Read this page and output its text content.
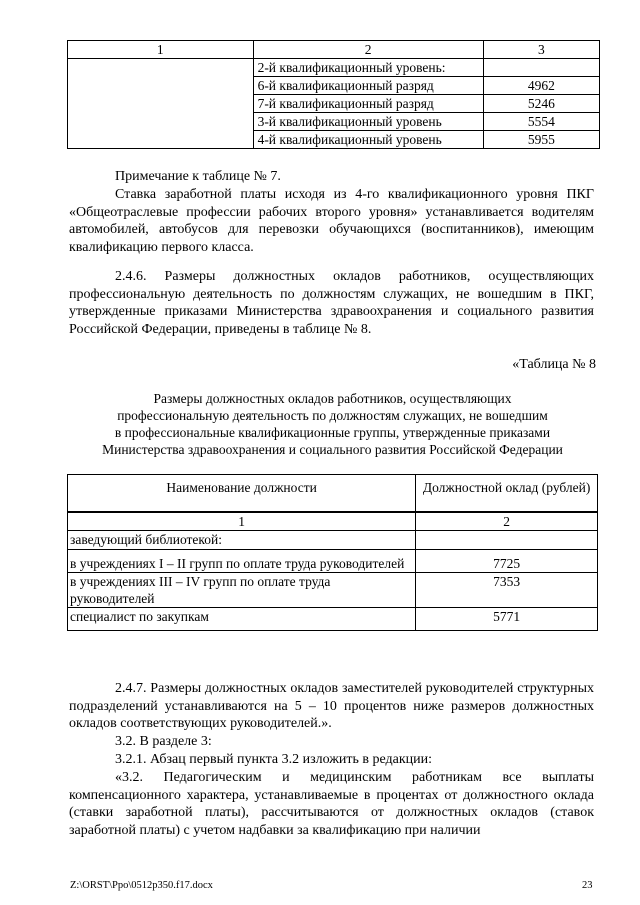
1	2	3
	2-й квалификационный уровень:	
	6-й квалификационный разряд	4962
	7-й квалификационный разряд	5246
	3-й квалификационный уровень	5554
	4-й квалификационный уровень	5955

Примечание к таблице № 7.

Ставка заработной платы исходя из 4-го квалификационного уровня ПКГ «Общеотраслевые профессии рабочих второго уровня» устанавливается водителям автомобилей, автобусов для перевозки обучающихся (воспитанников), имеющим квалификацию первого класса.

2.4.6. Размеры должностных окладов работников, осуществляющих профессиональную деятельность по должностям служащих, не вошедшим в ПКГ, утвержденные приказами Министерства здравоохранения и социального развития Российской Федерации, приведены в таблице № 8.

«Таблица № 8

Размеры должностных окладов работников, осуществляющих

профессиональную деятельность по должностям служащих, не вошедшим

в профессиональные квалификационные группы, утвержденные приказами

Министерства здравоохранения и социального развития Российской Федерации

Наименование должности	Должностной оклад (рублей)
1	2
заведующий библиотекой:	
в учреждениях I – II групп по оплате труда руководителей	7725
в учреждениях III – IV групп по оплате труда руководителей	7353
специалист по закупкам	5771

2.4.7. Размеры должностных окладов заместителей руководителей структурных подразделений устанавливаются на 5 – 10 процентов ниже размеров должностных окладов соответствующих руководителей.».

3.2. В разделе 3:

3.2.1. Абзац первый пункта 3.2 изложить в редакции:

«3.2. Педагогическим и медицинским работникам все выплаты компенсационного характера, устанавливаемые в процентах от должностного оклада (ставки заработной платы), рассчитываются от должностных окладов (ставок заработной платы) с учетом надбавки за квалификацию при наличии

Z:\ORST\Ppo\0512p350.f17.docx	23
